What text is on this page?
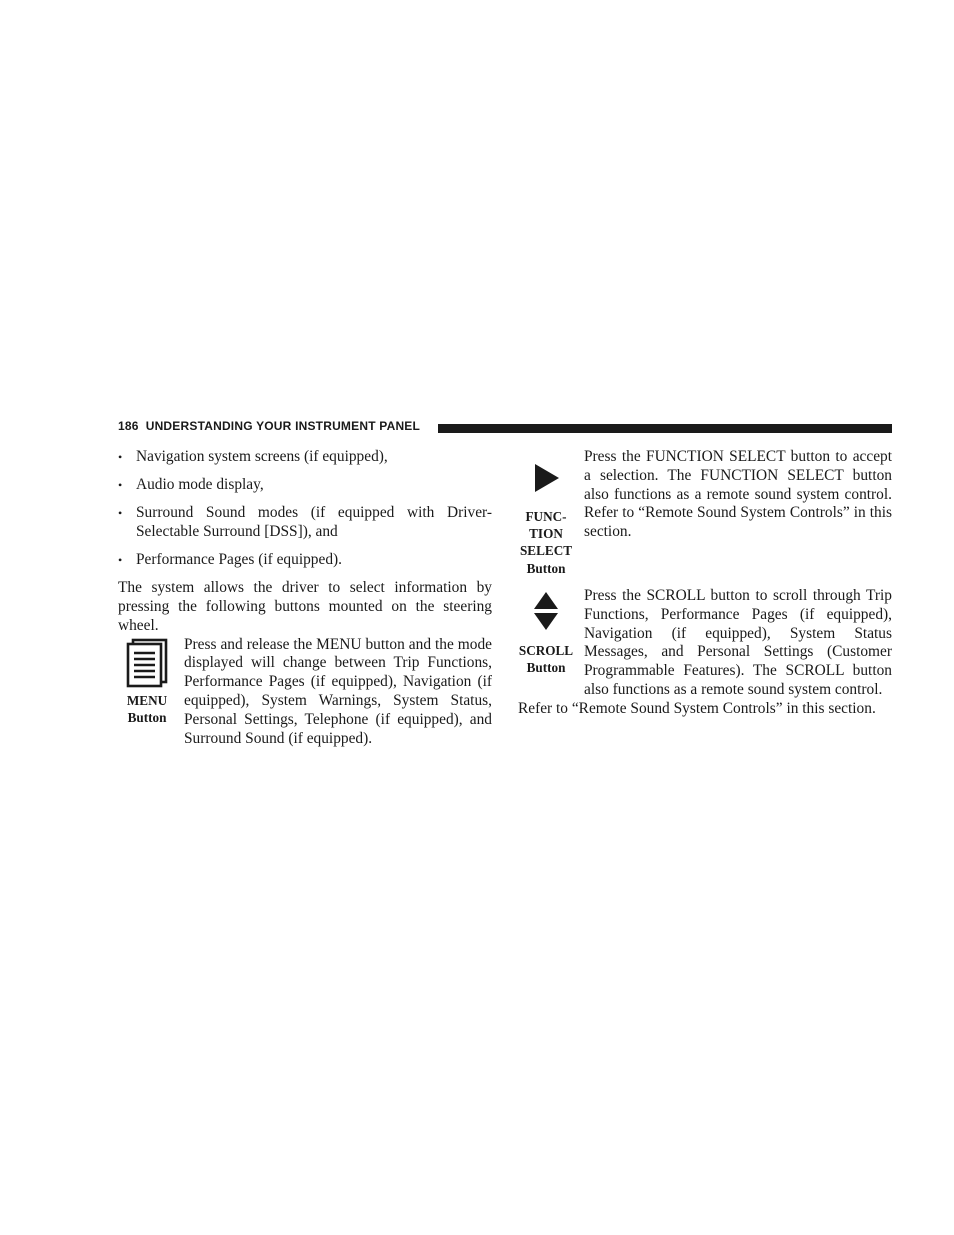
186 UNDERSTANDING YOUR INSTRUMENT PANEL
• Navigation system screens (if equipped),
• Audio mode display,
• Surround Sound modes (if equipped with Driver-Selectable Surround [DSS]), and
• Performance Pages (if equipped).

The system allows the driver to select information by pressing the following buttons mounted on the steering wheel.

MENU
Button

Press and release the MENU button and the mode displayed will change between Trip Functions, Performance Pages (if equipped), Navigation (if equipped), System Warnings, System Status, Personal Settings, Telephone (if equipped), and Surround Sound (if equipped).

FUNC-
TION
SELECT
Button

Press the FUNCTION SELECT button to accept a selection. The FUNCTION SELECT button also functions as a remote sound system control. Refer to “Remote Sound System Controls” in this section.

SCROLL
Button

Press the SCROLL button to scroll through Trip Functions, Performance Pages (if equipped), Navigation (if equipped), System Status Messages, and Personal Settings (Customer Programmable Features). The SCROLL button also functions as a remote sound system control.

Refer to “Remote Sound System Controls” in this section.
